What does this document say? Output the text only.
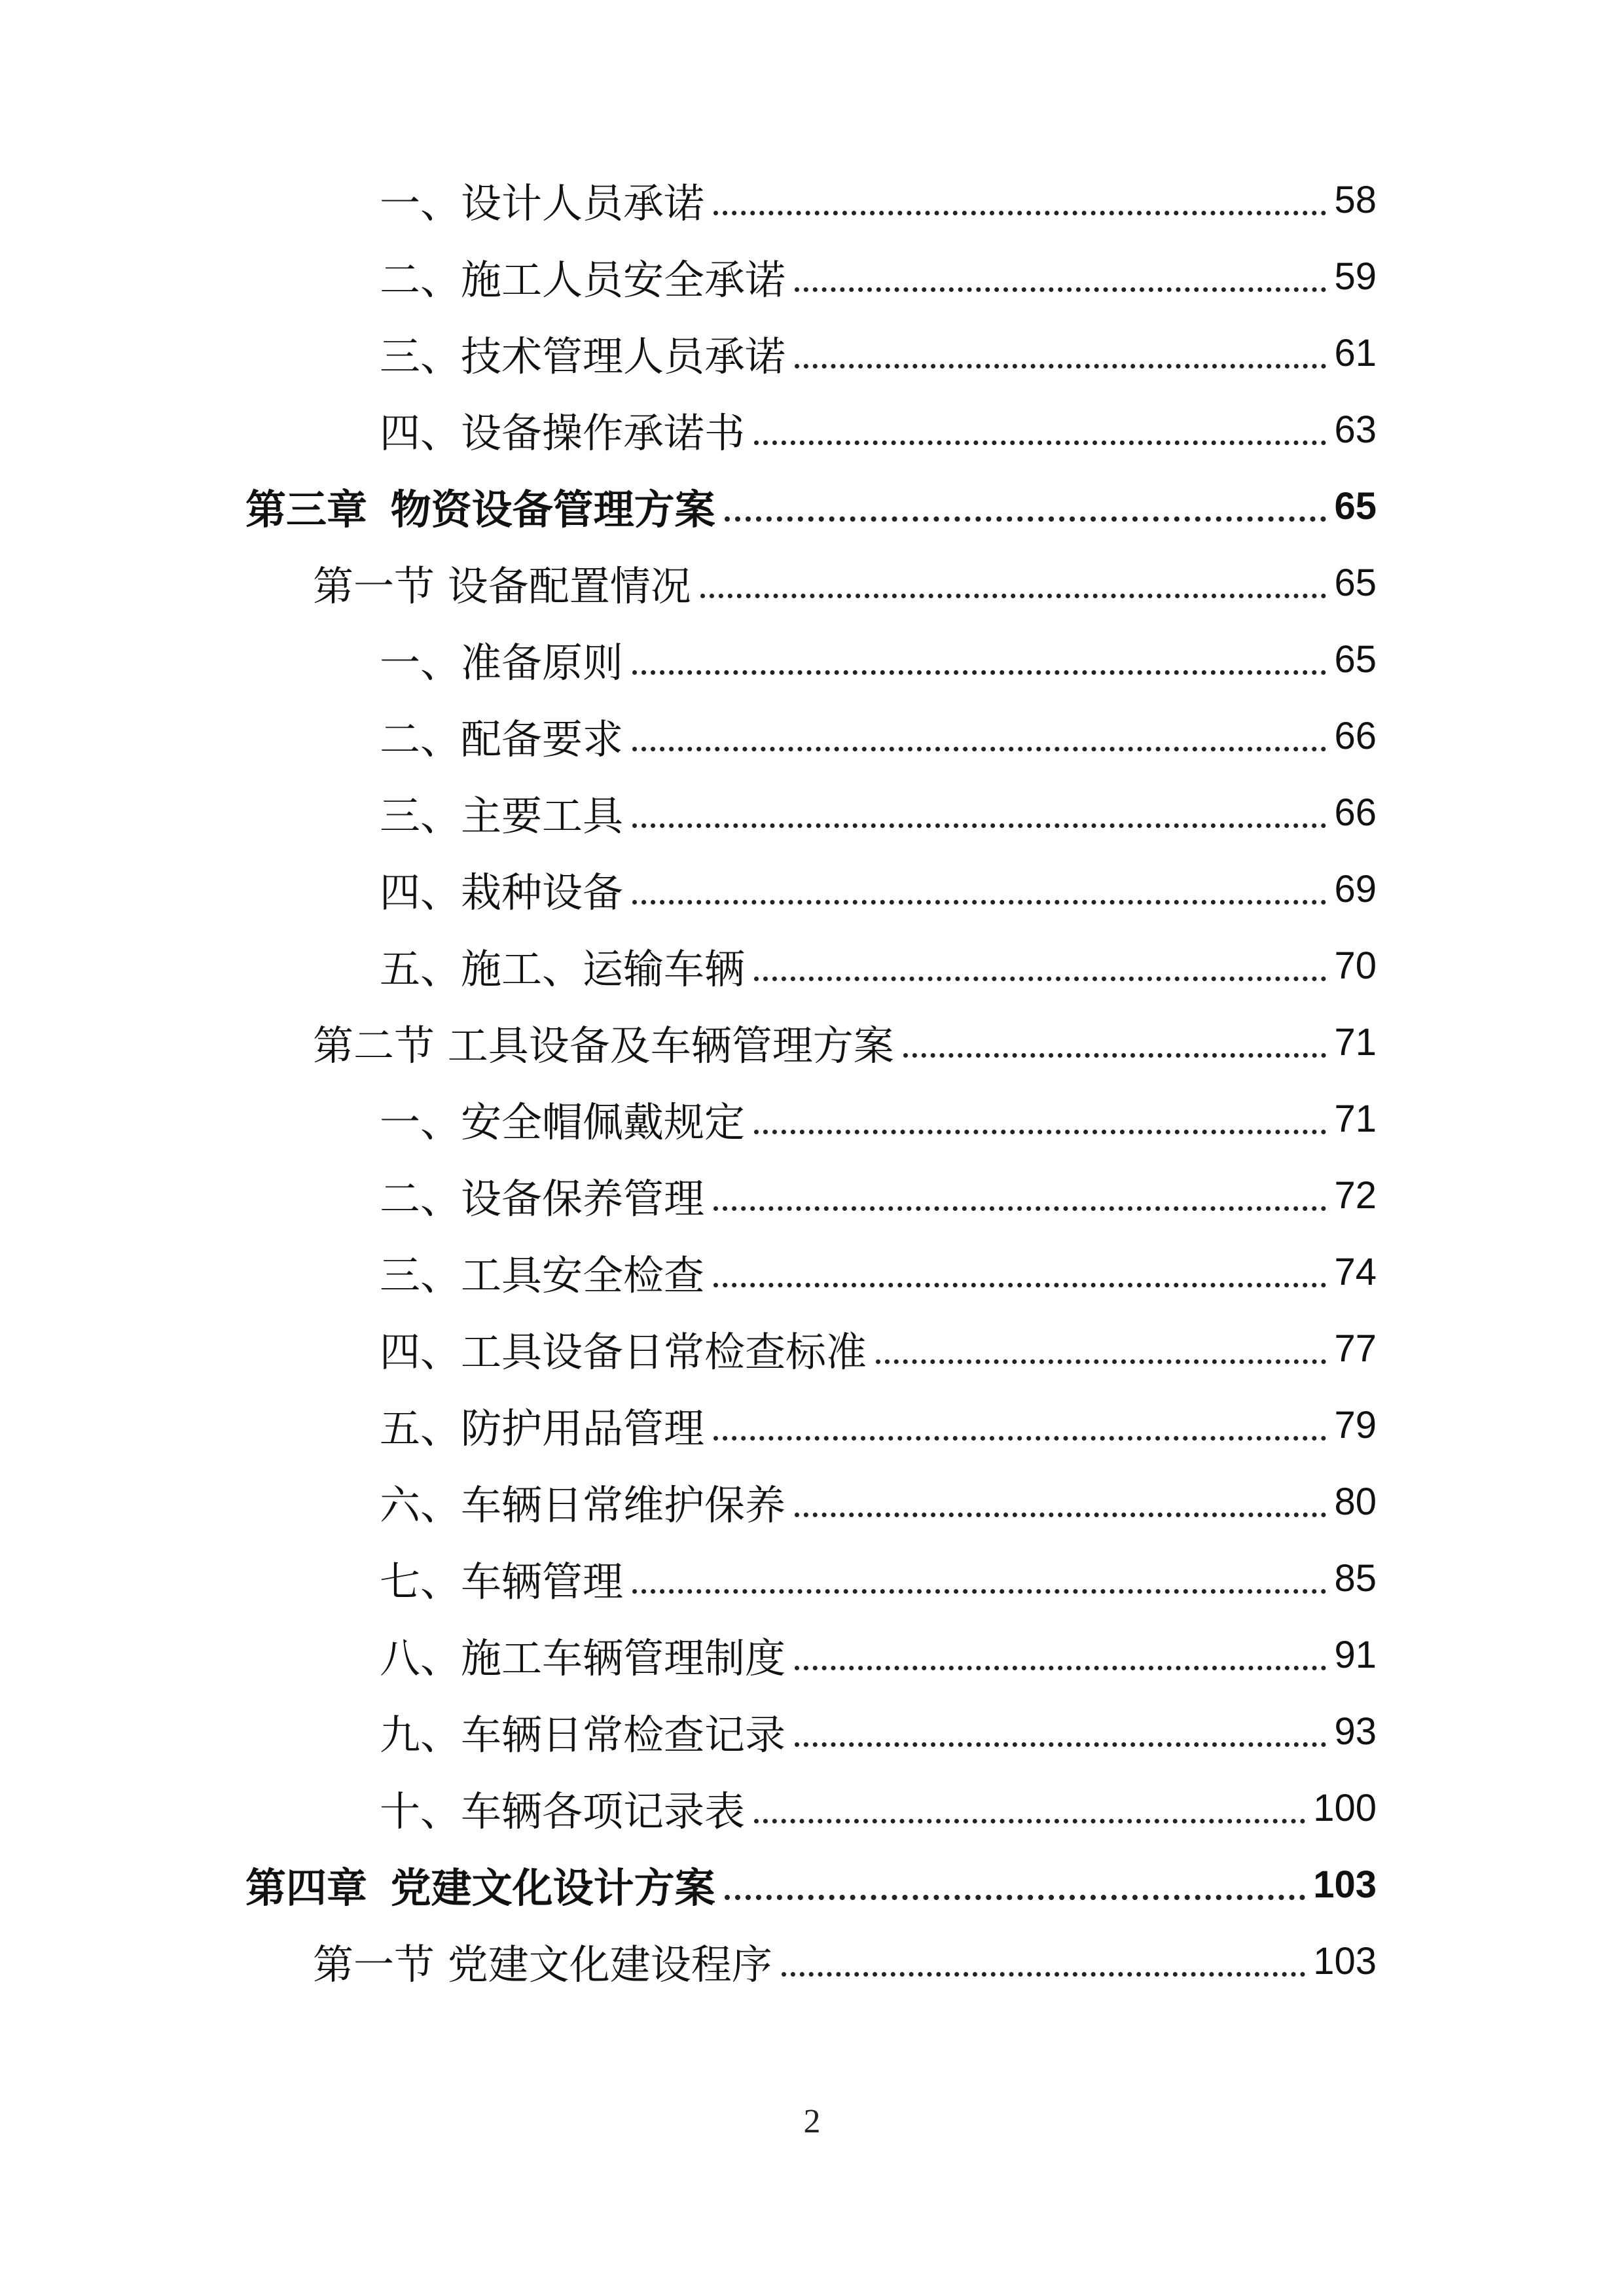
一、设计人员承诺	58
二、施工人员安全承诺	59
三、技术管理人员承诺	61
四、设备操作承诺书	63
第三章 物资设备管理方案	65
第一节 设备配置情况	65
一、准备原则	65
二、配备要求	66
三、主要工具	66
四、栽种设备	69
五、施工、运输车辆	70
第二节 工具设备及车辆管理方案	71
一、安全帽佩戴规定	71
二、设备保养管理	72
三、工具安全检查	74
四、工具设备日常检查标准	77
五、防护用品管理	79
六、车辆日常维护保养	80
七、车辆管理	85
八、施工车辆管理制度	91
九、车辆日常检查记录	93
十、车辆各项记录表	100
第四章 党建文化设计方案	103
第一节 党建文化建设程序	103
2
